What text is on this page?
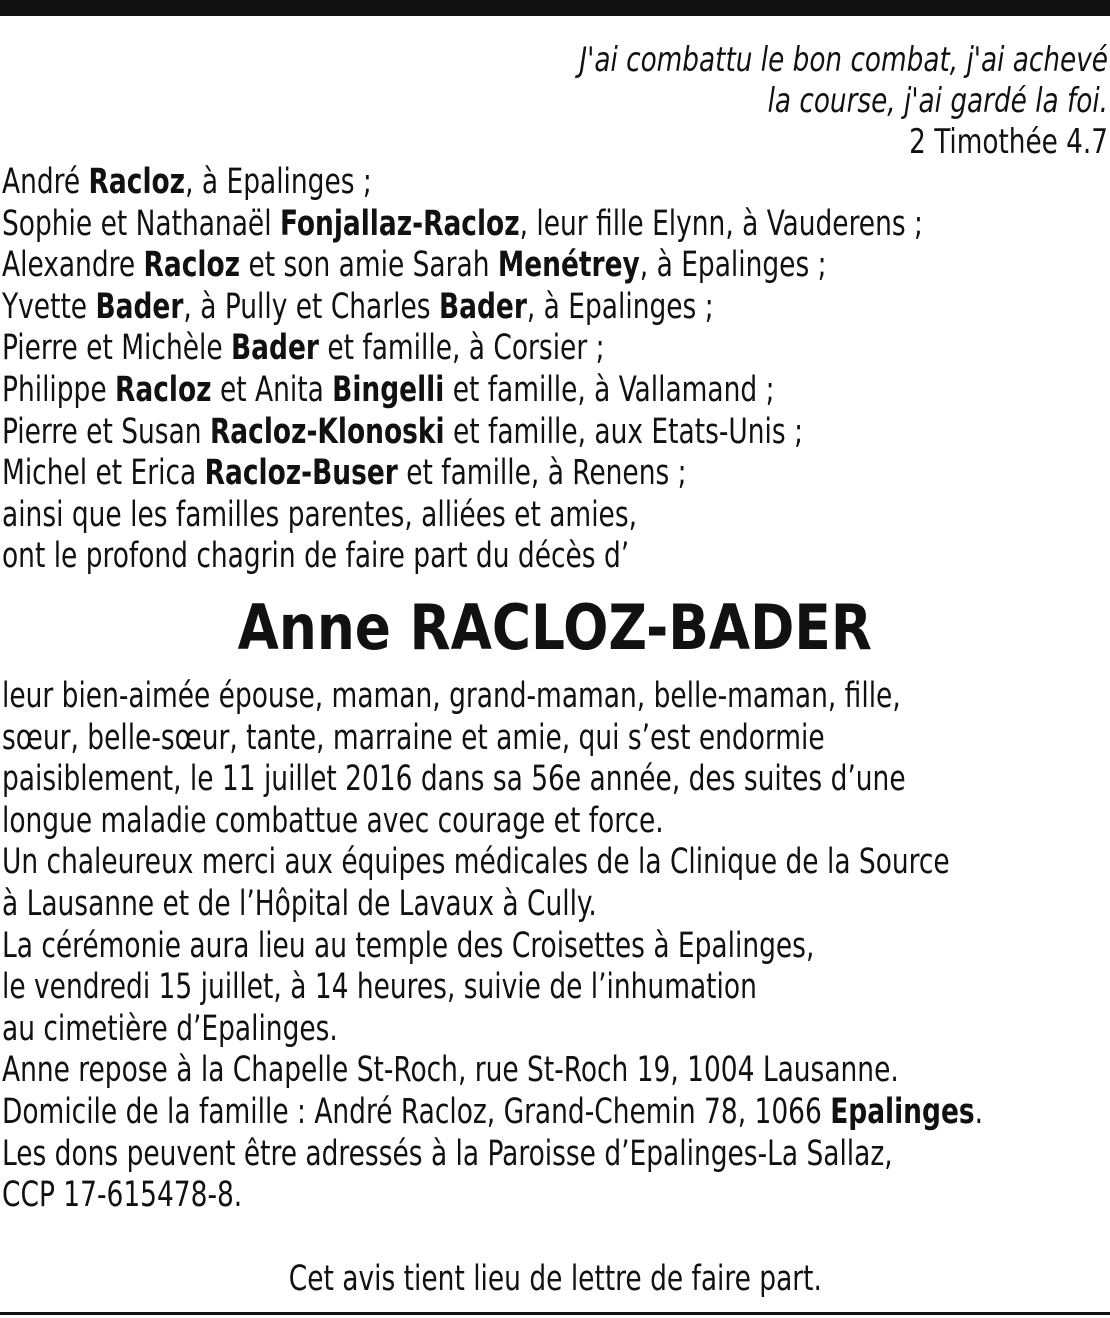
J'ai combattu le bon combat, j'ai achevé
la course, j'ai gardé la foi.
2 Timothée 4.7
André Racloz, à Epalinges ;
Sophie et Nathanaël Fonjallaz-Racloz, leur fille Elynn, à Vauderens ;
Alexandre Racloz et son amie Sarah Menétrey, à Epalinges ;
Yvette Bader, à Pully et Charles Bader, à Epalinges ;
Pierre et Michèle Bader et famille, à Corsier ;
Philippe Racloz et Anita Bingelli et famille, à Vallamand ;
Pierre et Susan Racloz-Klonoski et famille, aux Etats-Unis ;
Michel et Erica Racloz-Buser et famille, à Renens ;
ainsi que les familles parentes, alliées et amies,
ont le profond chagrin de faire part du décès d’
Anne RACLOZ-BADER
leur bien-aimée épouse, maman, grand-maman, belle-maman, fille,
sœur, belle-sœur, tante, marraine et amie, qui s’est endormie
paisiblement, le 11 juillet 2016 dans sa 56e année, des suites d’une
longue maladie combattue avec courage et force.
Un chaleureux merci aux équipes médicales de la Clinique de la Source
à Lausanne et de l’Hôpital de Lavaux à Cully.
La cérémonie aura lieu au temple des Croisettes à Epalinges,
le vendredi 15 juillet, à 14 heures, suivie de l’inhumation
au cimetière d’Epalinges.
Anne repose à la Chapelle St-Roch, rue St-Roch 19, 1004 Lausanne.
Domicile de la famille : André Racloz, Grand-Chemin 78, 1066 Epalinges.
Les dons peuvent être adressés à la Paroisse d’Epalinges-La Sallaz,
CCP 17-615478-8.
Cet avis tient lieu de lettre de faire part.
